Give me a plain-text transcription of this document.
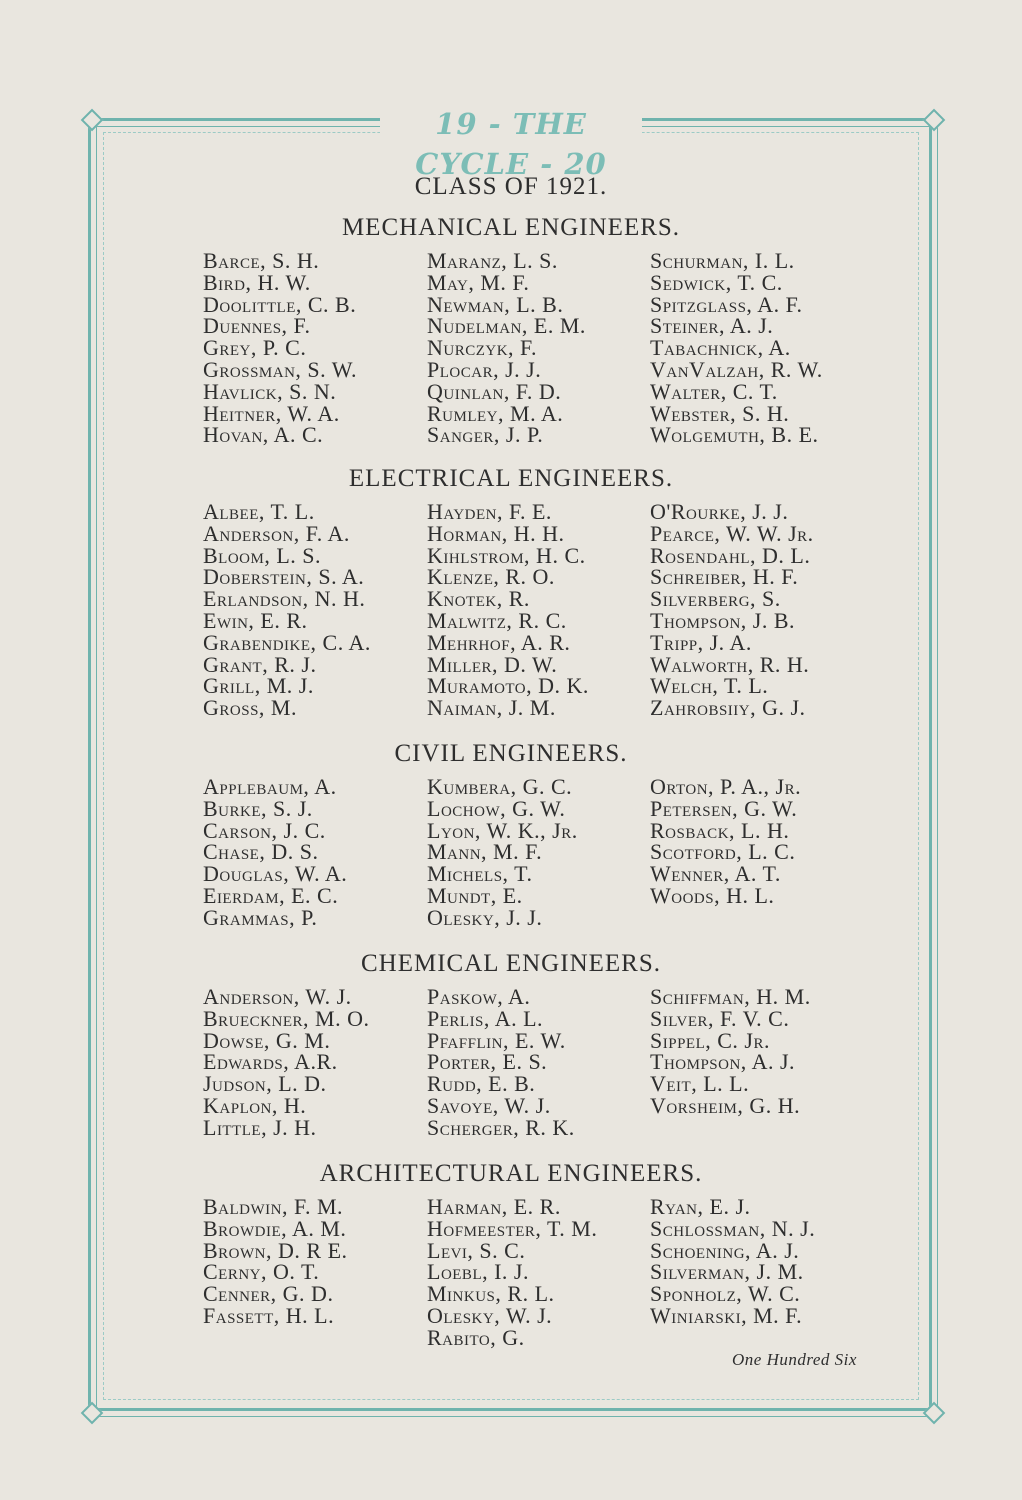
19 - THE CYCLE - 20
CLASS OF 1921.
MECHANICAL ENGINEERS.
Barce, S. H.
Bird, H. W.
Doolittle, C. B.
Duennes, F.
Grey, P. C.
Grossman, S. W.
Havlick, S. N.
Heitner, W. A.
Hovan, A. C.
Maranz, L. S.
May, M. F.
Newman, L. B.
Nudelman, E. M.
Nurczyk, F.
Plocar, J. J.
Quinlan, F. D.
Rumley, M. A.
Sanger, J. P.
Schurman, I. L.
Sedwick, T. C.
Spitzglass, A. F.
Steiner, A. J.
Tabachnick, A.
VanValzah, R. W.
Walter, C. T.
Webster, S. H.
Wolgemuth, B. E.
ELECTRICAL ENGINEERS.
Albee, T. L.
Anderson, F. A.
Bloom, L. S.
Doberstein, S. A.
Erlandson, N. H.
Ewin, E. R.
Grabendike, C. A.
Grant, R. J.
Grill, M. J.
Gross, M.
Hayden, F. E.
Horman, H. H.
Kihlstrom, H. C.
Klenze, R. O.
Knotek, R.
Malwitz, R. C.
Mehrhof, A. R.
Miller, D. W.
Muramoto, D. K.
Naiman, J. M.
O'Rourke, J. J.
Pearce, W. W. Jr.
Rosendahl, D. L.
Schreiber, H. F.
Silverberg, S.
Thompson, J. B.
Tripp, J. A.
Walworth, R. H.
Welch, T. L.
Zahrobsiiy, G. J.
CIVIL ENGINEERS.
Applebaum, A.
Burke, S. J.
Carson, J. C.
Chase, D. S.
Douglas, W. A.
Eierdam, E. C.
Grammas, P.
Kumbera, G. C.
Lochow, G. W.
Lyon, W. K., Jr.
Mann, M. F.
Michels, T.
Mundt, E.
Olesky, J. J.
Orton, P. A., Jr.
Petersen, G. W.
Rosback, L. H.
Scotford, L. C.
Wenner, A. T.
Woods, H. L.
CHEMICAL ENGINEERS.
Anderson, W. J.
Brueckner, M. O.
Dowse, G. M.
Edwards, A.R.
Judson, L. D.
Kaplon, H.
Little, J. H.
Paskow, A.
Perlis, A. L.
Pfafflin, E. W.
Porter, E. S.
Rudd, E. B.
Savoye, W. J.
Scherger, R. K.
Schiffman, H. M.
Silver, F. V. C.
Sippel, C. Jr.
Thompson, A. J.
Veit, L. L.
Vorsheim, G. H.
ARCHITECTURAL ENGINEERS.
Baldwin, F. M.
Browdie, A. M.
Brown, D. R E.
Cerny, O. T.
Cenner, G. D.
Fassett, H. L.
Harman, E. R.
Hofmeester, T. M.
Levi, S. C.
Loebl, I. J.
Minkus, R. L.
Olesky, W. J.
Rabito, G.
Ryan, E. J.
Schlossman, N. J.
Schoening, A. J.
Silverman, J. M.
Sponholz, W. C.
Winiarski, M. F.
One Hundred Six
